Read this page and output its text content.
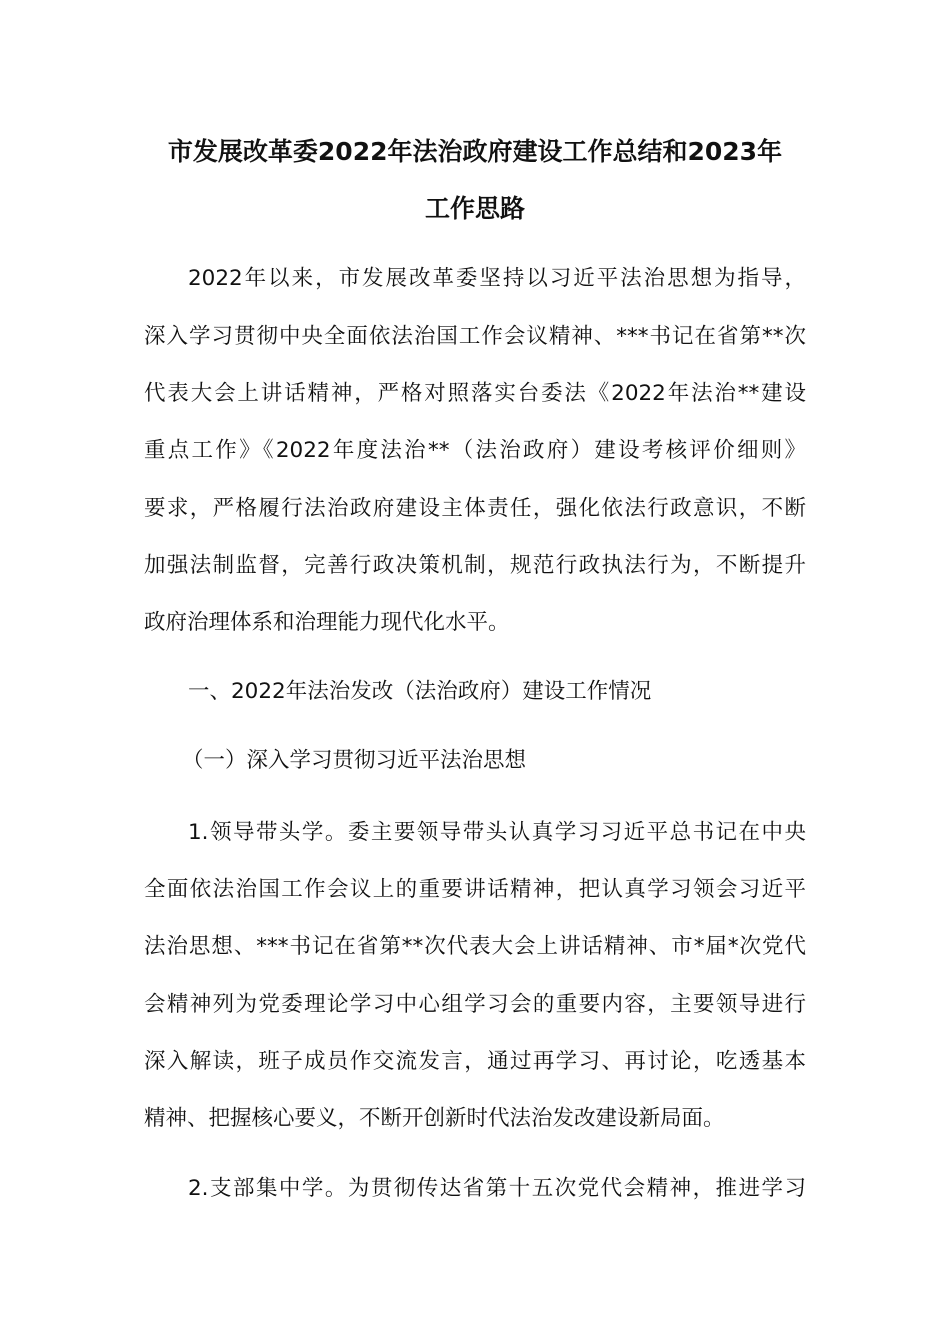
市发展改革委2022年法治政府建设工作总结和2023年
工作思路
2022年以来，市发展改革委坚持以习近平法治思想为指导，
深入学习贯彻中央全面依法治国工作会议精神、***书记在省第**次
代表大会上讲话精神，严格对照落实台委法《2022年法治**建设
重点工作》《2022年度法治**（法治政府）建设考核评价细则》
要求，严格履行法治政府建设主体责任，强化依法行政意识，不断
加强法制监督，完善行政决策机制，规范行政执法行为，不断提升
政府治理体系和治理能力现代化水平。
一、2022年法治发改（法治政府）建设工作情况
（一）深入学习贯彻习近平法治思想
1.领导带头学。委主要领导带头认真学习习近平总书记在中央
全面依法治国工作会议上的重要讲话精神，把认真学习领会习近平
法治思想、***书记在省第**次代表大会上讲话精神、市*届*次党代
会精神列为党委理论学习中心组学习会的重要内容，主要领导进行
深入解读，班子成员作交流发言，通过再学习、再讨论，吃透基本
精神、把握核心要义，不断开创新时代法治发改建设新局面。
2.支部集中学。为贯彻传达省第十五次党代会精神，推进学习
